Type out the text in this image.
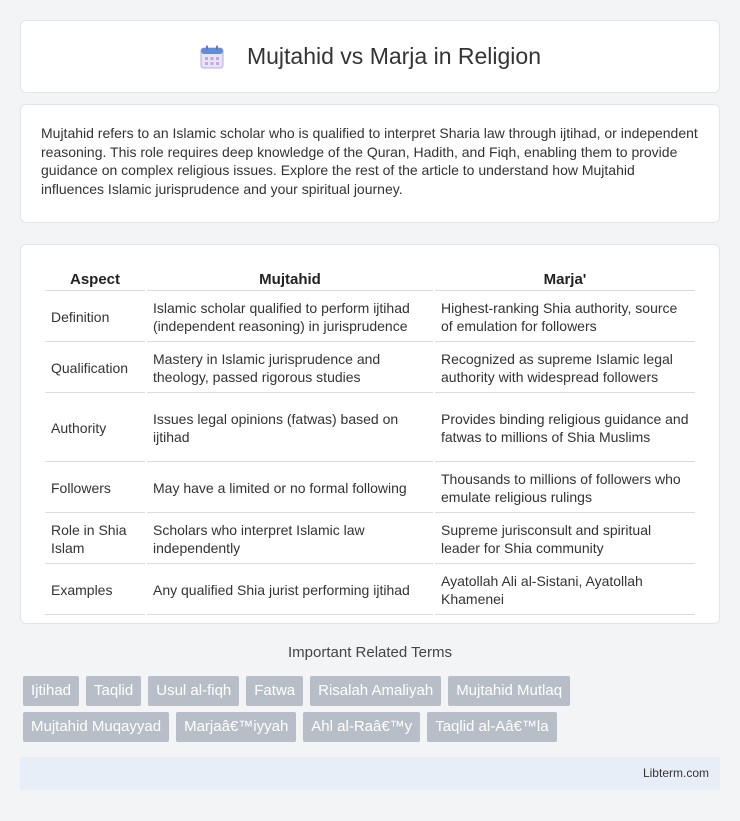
Mujtahid vs Marja in Religion

Mujtahid refers to an Islamic scholar who is qualified to interpret Sharia law through ijtihad, or independent reasoning. This role requires deep knowledge of the Quran, Hadith, and Fiqh, enabling them to provide guidance on complex religious issues. Explore the rest of the article to understand how Mujtahid influences Islamic jurisprudence and your spiritual journey.

Aspect	Mujtahid	Marja'
Definition	Islamic scholar qualified to perform ijtihad (independent reasoning) in jurisprudence	Highest-ranking Shia authority, source of emulation for followers
Qualification	Mastery in Islamic jurisprudence and theology, passed rigorous studies	Recognized as supreme Islamic legal authority with widespread followers
Authority	Issues legal opinions (fatwas) based on ijtihad	Provides binding religious guidance and fatwas to millions of Shia Muslims
Followers	May have a limited or no formal following	Thousands to millions of followers who emulate religious rulings
Role in Shia Islam	Scholars who interpret Islamic law independently	Supreme jurisconsult and spiritual leader for Shia community
Examples	Any qualified Shia jurist performing ijtihad	Ayatollah Ali al-Sistani, Ayatollah Khamenei
Important Related Terms
Ijtihad	Taqlid	Usul al-fiqh	Fatwa	Risalah Amaliyah	Mujtahid Mutlaq
Mujtahid Muqayyad	Marjaâ€™iyyah	Ahl al-Raâ€™y	Taqlid al-Aâ€™la
Libterm.com
